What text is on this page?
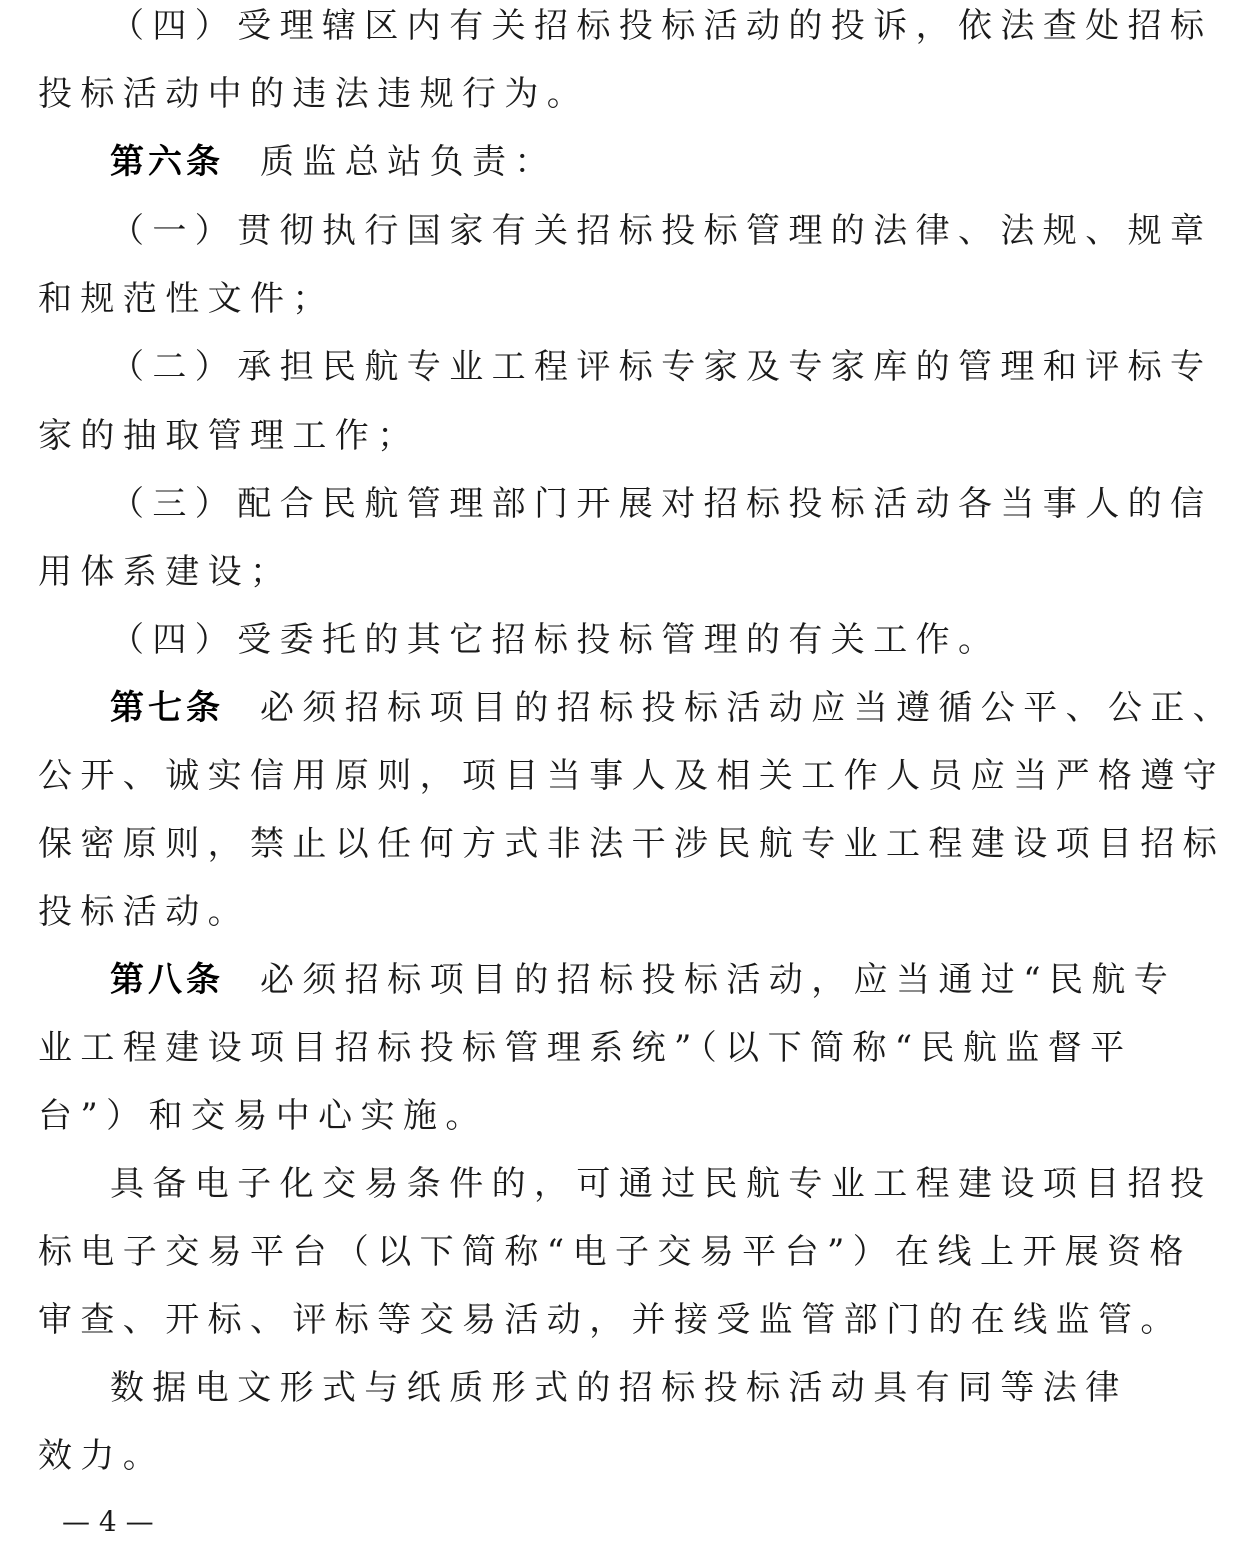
（四）受理辖区内有关招标投标活动的投诉，依法查处招标
投标活动中的违法违规行为。
第六条 质监总站负责：
（一）贯彻执行国家有关招标投标管理的法律、法规、规章
和规范性文件；
（二）承担民航专业工程评标专家及专家库的管理和评标专
家的抽取管理工作；
（三）配合民航管理部门开展对招标投标活动各当事人的信
用体系建设；
（四）受委托的其它招标投标管理的有关工作。
第七条 必须招标项目的招标投标活动应当遵循公平、公正、
公开、诚实信用原则，项目当事人及相关工作人员应当严格遵守
保密原则，禁止以任何方式非法干涉民航专业工程建设项目招标
投标活动。
第八条 必须招标项目的招标投标活动，应当通过“民航专
业工程建设项目招标投标管理系统”（以下简称“民航监督平
台”）和交易中心实施。
具备电子化交易条件的，可通过民航专业工程建设项目招投
标电子交易平台（以下简称“电子交易平台”）在线上开展资格
审查、开标、评标等交易活动，并接受监管部门的在线监管。
数据电文形式与纸质形式的招标投标活动具有同等法律
效力。
— 4 —
